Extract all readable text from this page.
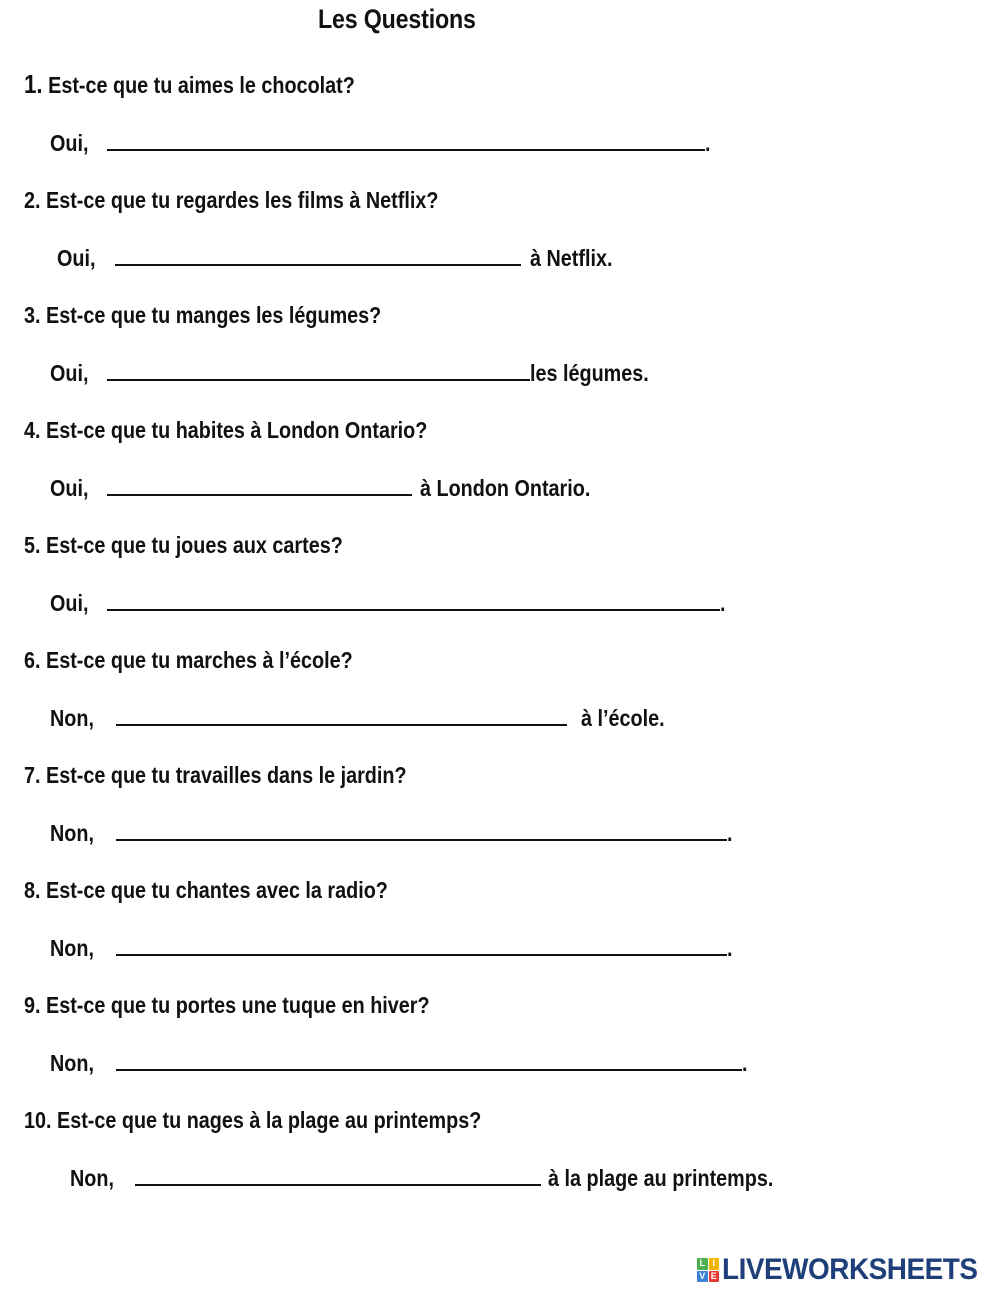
Les Questions
1. Est-ce que tu aimes le chocolat?
Oui,	.
2. Est-ce que tu regardes les films à Netflix?
Oui,	à Netflix.
3. Est-ce que tu manges les légumes?
Oui,	les légumes.
4. Est-ce que tu habites à London Ontario?
Oui,	à London Ontario.
5. Est-ce que tu joues aux cartes?
Oui,	.
6. Est-ce que tu marches à l’école?
Non,	à l’école.
7. Est-ce que tu travailles dans le jardin?
Non,	.
8. Est-ce que tu chantes avec la radio?
Non,	.
9. Est-ce que tu portes une tuque en hiver?
Non,	.
10. Est-ce que tu nages à la plage au printemps?
Non,	à la plage au printemps.
L I
V E LIVEWORKSHEETS
